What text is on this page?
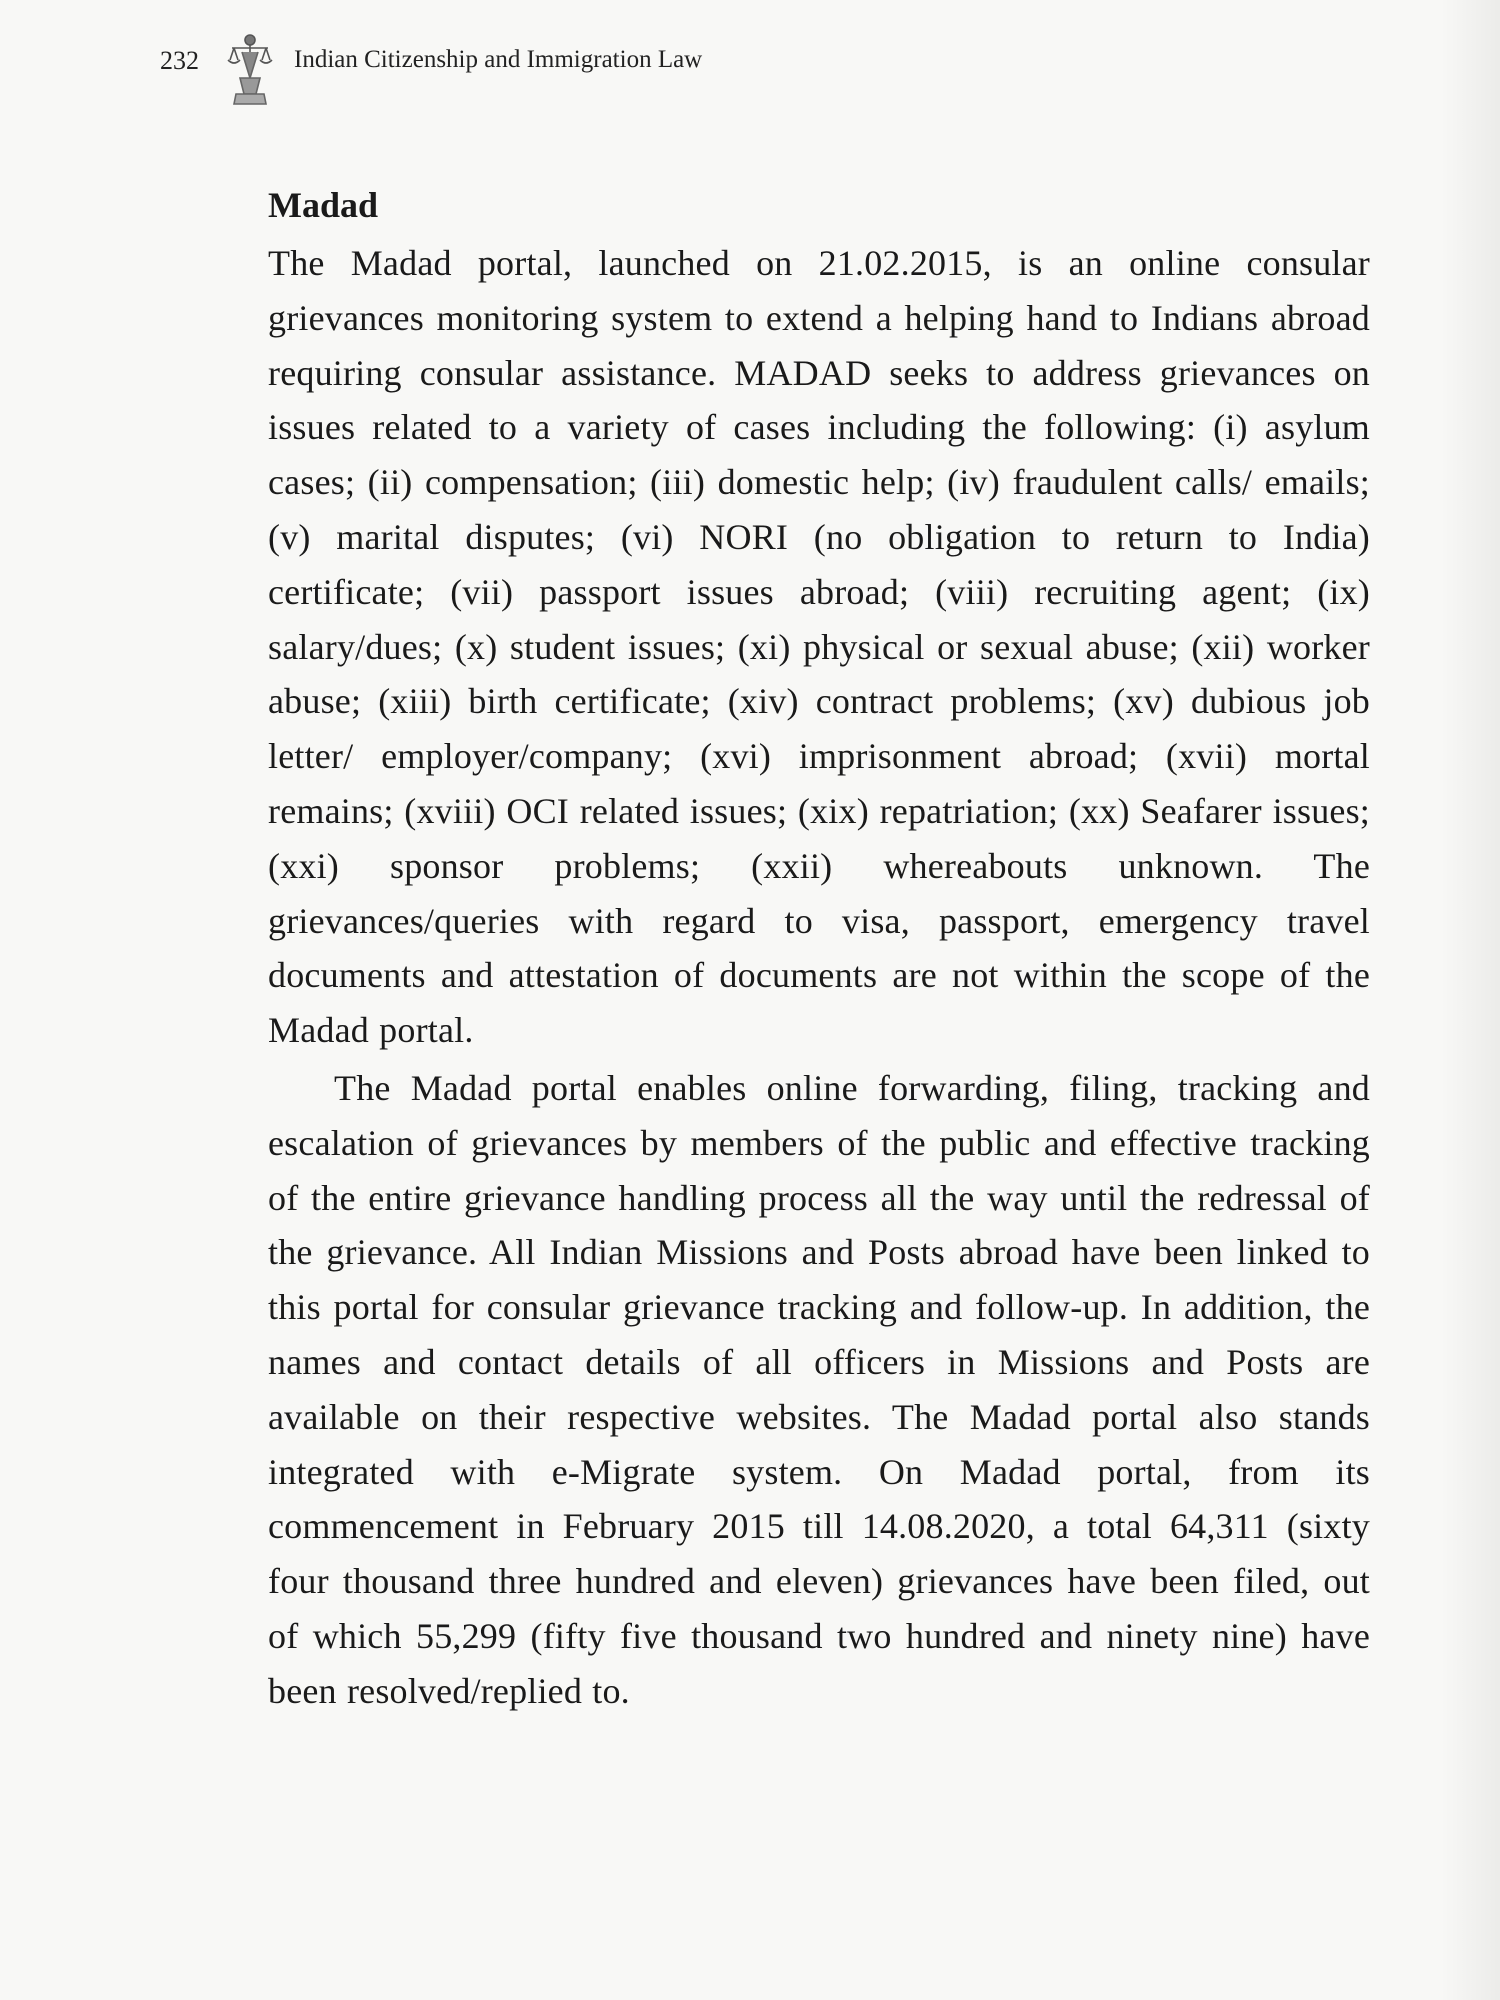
232	Indian Citizenship and Immigration Law
Madad

The Madad portal, launched on 21.02.2015, is an online consular grievances monitoring system to extend a helping hand to Indians abroad requiring consular assistance. MADAD seeks to address grievances on issues related to a variety of cases including the following: (i) asylum cases; (ii) compensation; (iii) domestic help; (iv) fraudulent calls/ emails; (v) marital disputes; (vi) NORI (no obligation to return to India) certificate; (vii) passport issues abroad; (viii) recruiting agent; (ix) salary/dues; (x) student issues; (xi) physical or sexual abuse; (xii) worker abuse; (xiii) birth certificate; (xiv) contract problems; (xv) dubious job letter/ employer/company; (xvi) imprisonment abroad; (xvii) mortal remains; (xviii) OCI related issues; (xix) repatriation; (xx) Seafarer issues; (xxi) sponsor problems; (xxii) whereabouts unknown. The grievances/queries with regard to visa, passport, emergency travel documents and attestation of documents are not within the scope of the Madad portal.

The Madad portal enables online forwarding, filing, tracking and escalation of grievances by members of the public and effective tracking of the entire grievance handling process all the way until the redressal of the grievance. All Indian Missions and Posts abroad have been linked to this portal for consular grievance tracking and follow-up. In addition, the names and contact details of all officers in Missions and Posts are available on their respective websites. The Madad portal also stands integrated with e-Migrate system. On Madad portal, from its commencement in February 2015 till 14.08.2020, a total 64,311 (sixty four thousand three hundred and eleven) grievances have been filed, out of which 55,299 (fifty five thousand two hundred and ninety nine) have been resolved/replied to.
